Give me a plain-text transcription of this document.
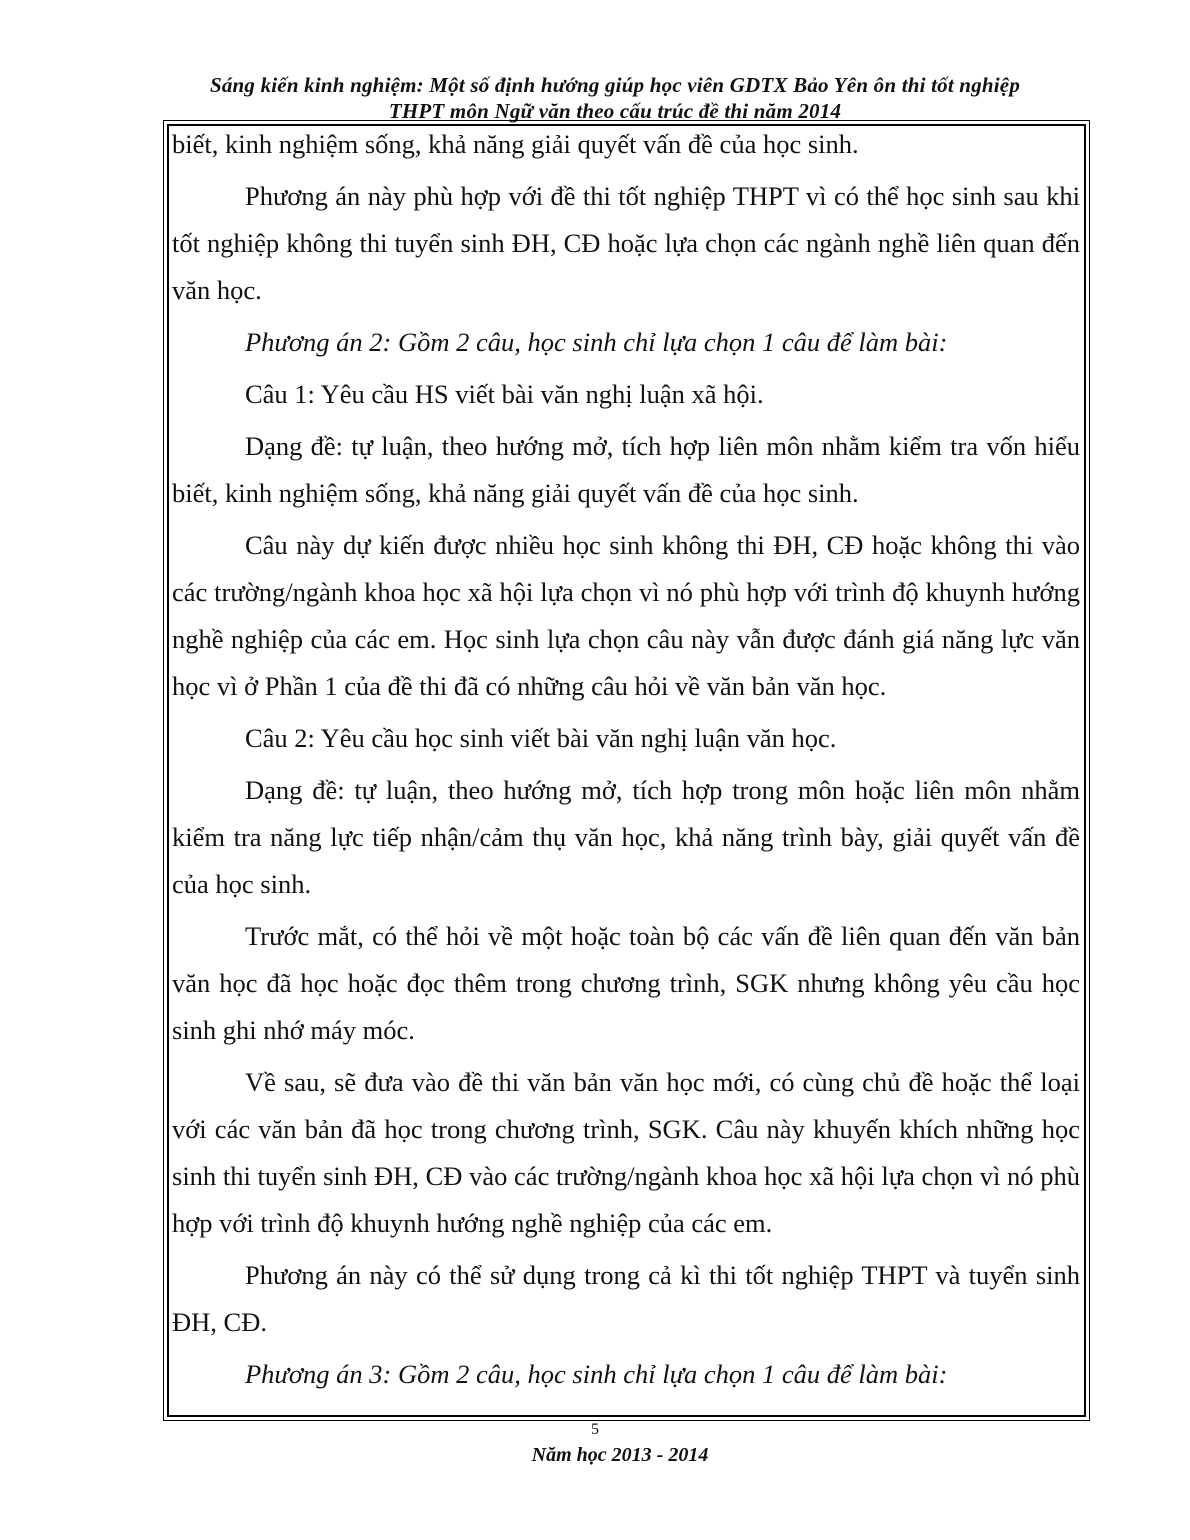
Sáng kiến kinh nghiệm: Một số định hướng giúp học viên GDTX Bảo Yên ôn thi tốt nghiệp
THPT môn Ngữ văn theo cấu trúc đề thi năm 2014

biết, kinh nghiệm sống, khả năng giải quyết vấn đề của học sinh.

Phương án này phù hợp với đề thi tốt nghiệp THPT vì có thể học sinh sau khi tốt nghiệp không thi tuyển sinh ĐH, CĐ hoặc lựa chọn các ngành nghề liên quan đến văn học.

Phương án 2: Gồm 2 câu, học sinh chỉ lựa chọn 1 câu để làm bài:

Câu 1: Yêu cầu HS viết bài văn nghị luận xã hội.

Dạng đề: tự luận, theo hướng mở, tích hợp liên môn nhằm kiểm tra vốn hiểu biết, kinh nghiệm sống, khả năng giải quyết vấn đề của học sinh.

Câu này dự kiến được nhiều học sinh không thi ĐH, CĐ hoặc không thi vào các trường/ngành khoa học xã hội lựa chọn vì nó phù hợp với trình độ khuynh hướng nghề nghiệp của các em. Học sinh lựa chọn câu này vẫn được đánh giá năng lực văn học vì ở Phần 1 của đề thi đã có những câu hỏi về văn bản văn học.

Câu 2: Yêu cầu học sinh viết bài văn nghị luận văn học.

Dạng đề: tự luận, theo hướng mở, tích hợp trong môn hoặc liên môn nhằm kiểm tra năng lực tiếp nhận/cảm thụ văn học, khả năng trình bày, giải quyết vấn đề của học sinh.

Trước mắt, có thể hỏi về một hoặc toàn bộ các vấn đề liên quan đến văn bản văn học đã học hoặc đọc thêm trong chương trình, SGK nhưng không yêu cầu học sinh ghi nhớ máy móc.

Về sau, sẽ đưa vào đề thi văn bản văn học mới, có cùng chủ đề hoặc thể loại với các văn bản đã học trong chương trình, SGK. Câu này khuyến khích những học sinh thi tuyển sinh ĐH, CĐ vào các trường/ngành khoa học xã hội lựa chọn vì nó phù hợp với trình độ khuynh hướng nghề nghiệp của các em.

Phương án này có thể sử dụng trong cả kì thi tốt nghiệp THPT và tuyển sinh ĐH, CĐ.

Phương án 3: Gồm 2 câu, học sinh chỉ lựa chọn 1 câu để làm bài:

5
Năm học 2013 - 2014
